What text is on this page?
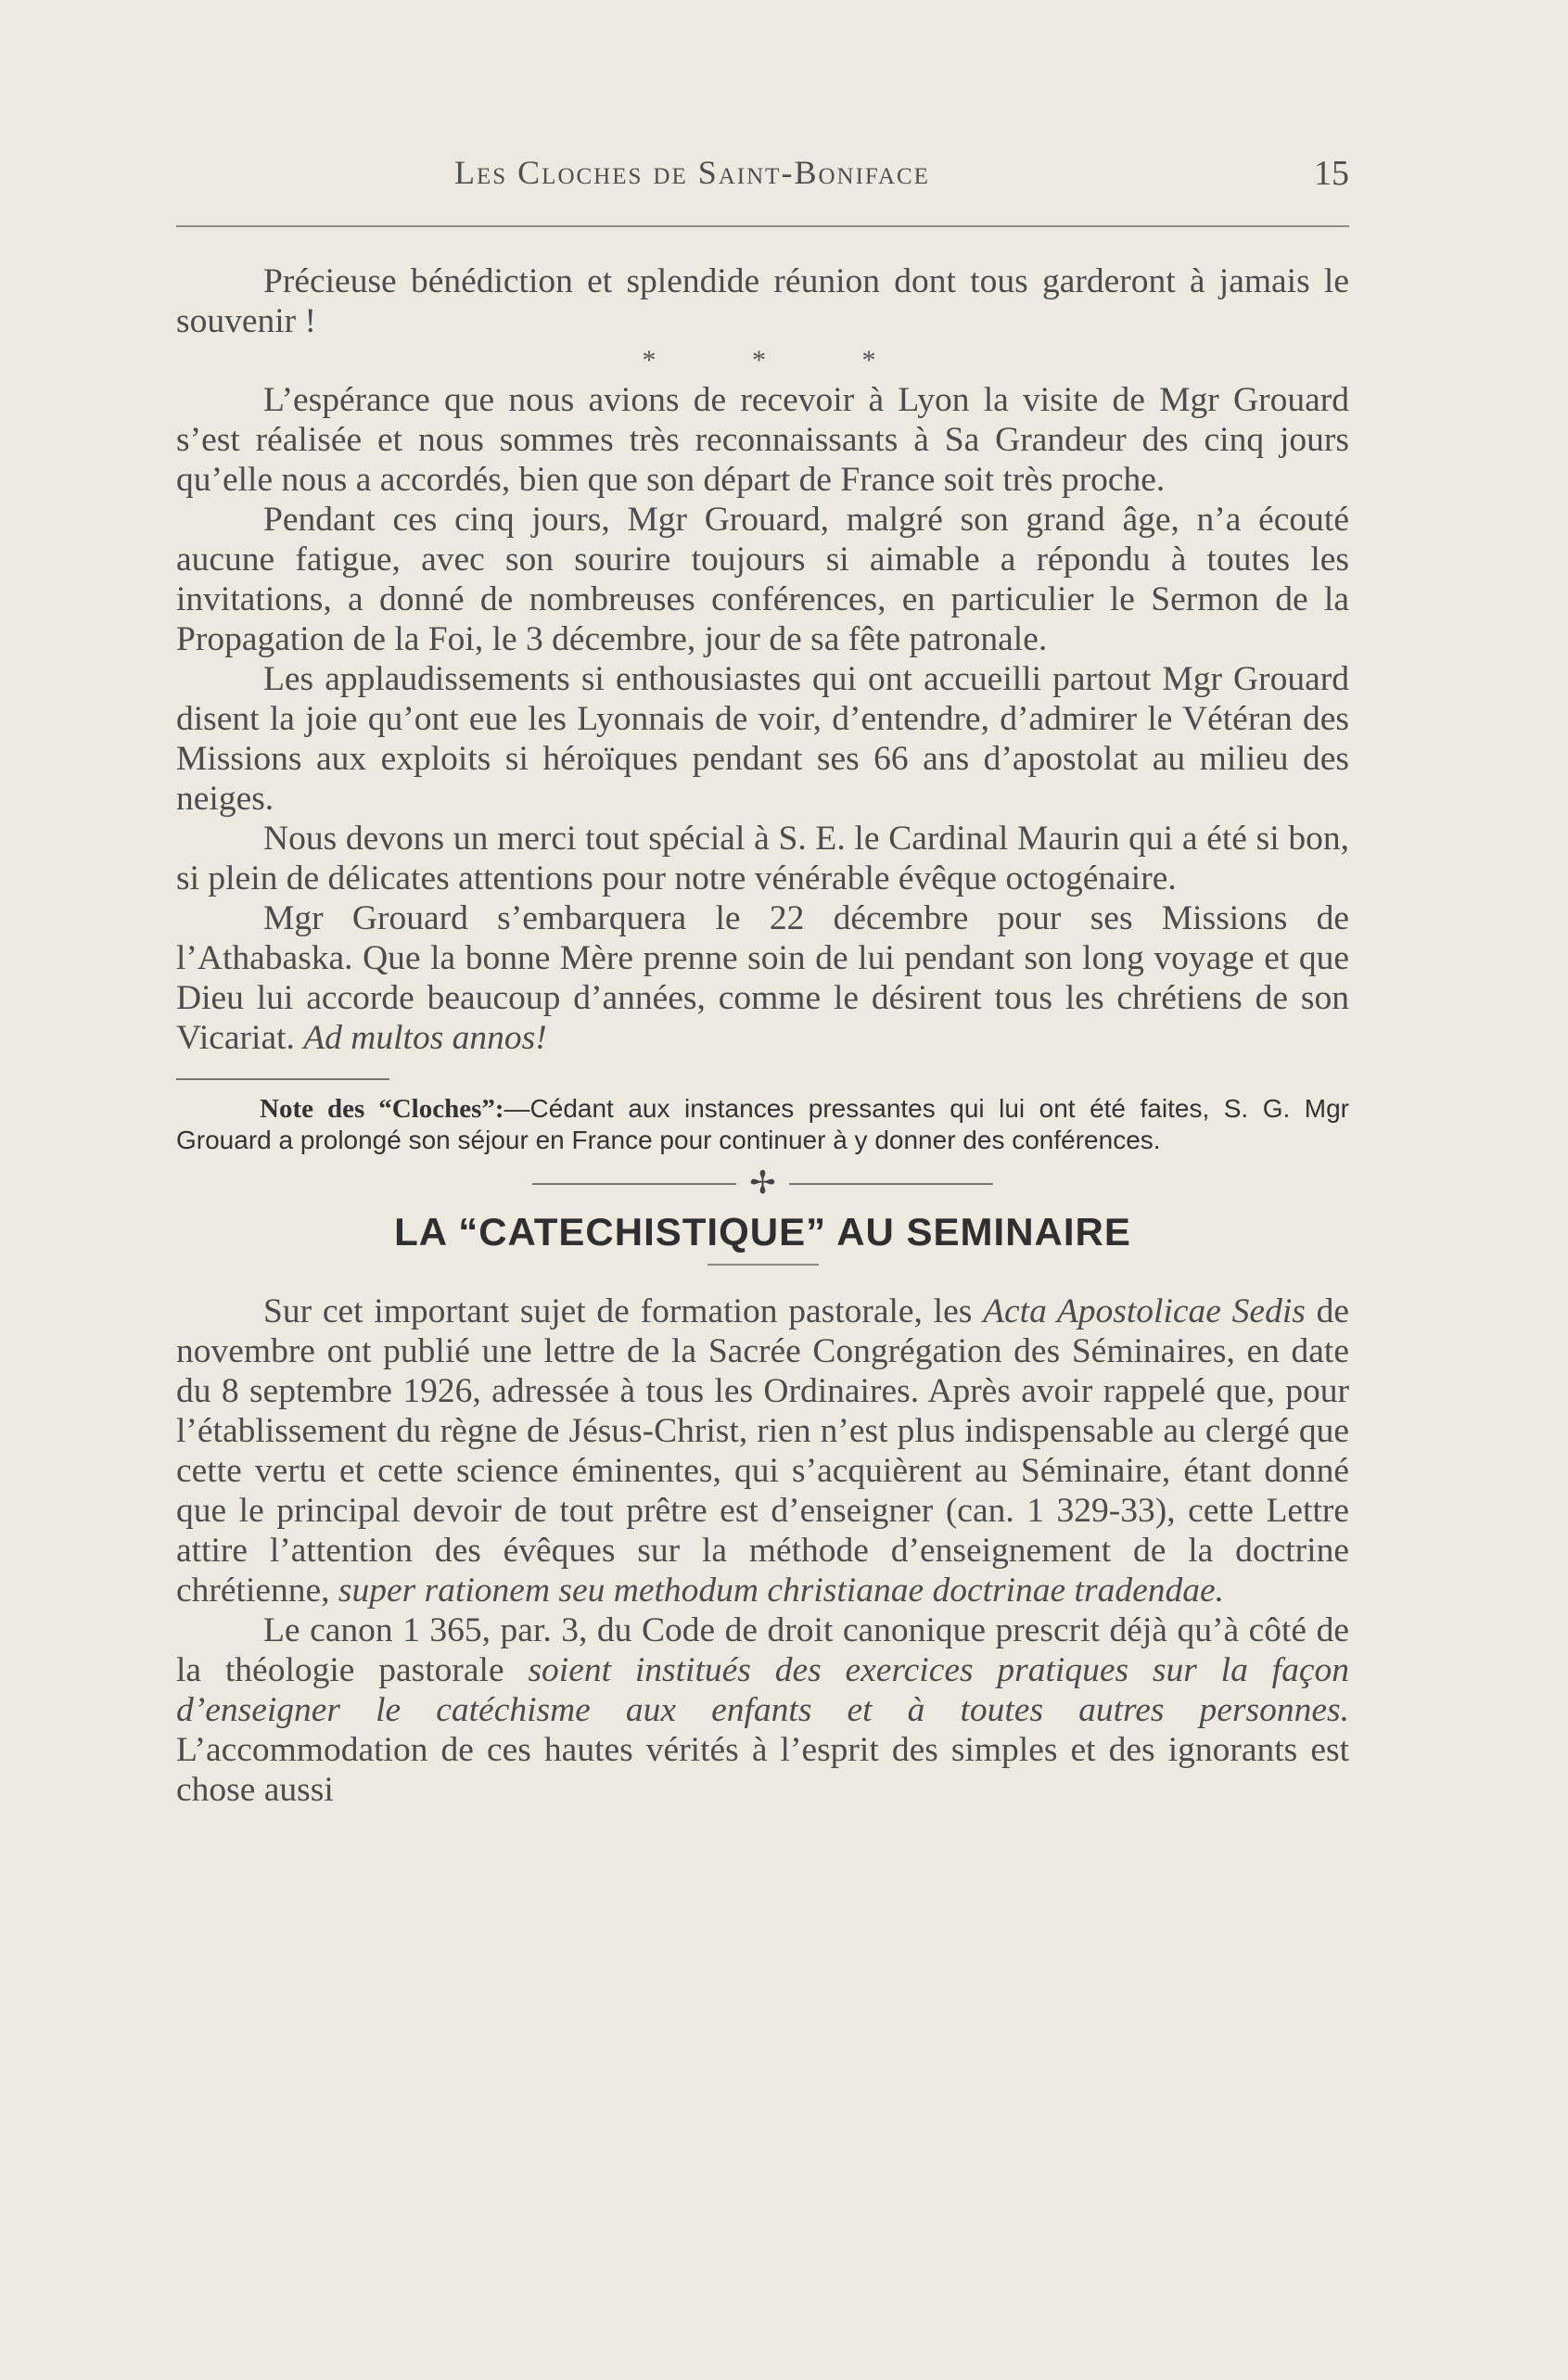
Les Cloches de Saint-Boniface	15

Précieuse bénédiction et splendide réunion dont tous garderont à jamais le souvenir !

* * *

L’espérance que nous avions de recevoir à Lyon la visite de Mgr Grouard s’est réalisée et nous sommes très reconnaissants à Sa Grandeur des cinq jours qu’elle nous a accordés, bien que son départ de France soit très proche.

Pendant ces cinq jours, Mgr Grouard, malgré son grand âge, n’a écouté aucune fatigue, avec son sourire toujours si aimable a répondu à toutes les invitations, a donné de nombreuses conférences, en particulier le Sermon de la Propagation de la Foi, le 3 décembre, jour de sa fête patronale.

Les applaudissements si enthousiastes qui ont accueilli partout Mgr Grouard disent la joie qu’ont eue les Lyonnais de voir, d’entendre, d’admirer le Vétéran des Missions aux exploits si héroïques pendant ses 66 ans d’apostolat au milieu des neiges.

Nous devons un merci tout spécial à S. E. le Cardinal Maurin qui a été si bon, si plein de délicates attentions pour notre vénérable évêque octogénaire.

Mgr Grouard s’embarquera le 22 décembre pour ses Missions de l’Athabaska. Que la bonne Mère prenne soin de lui pendant son long voyage et que Dieu lui accorde beaucoup d’années, comme le désirent tous les chrétiens de son Vicariat. Ad multos annos!

Note des “Cloches”:—Cédant aux instances pressantes qui lui ont été faites, S. G. Mgr Grouard a prolongé son séjour en France pour continuer à y donner des conférences.

✢
LA “CATECHISTIQUE” AU SEMINAIRE

Sur cet important sujet de formation pastorale, les Acta Apostolicae Sedis de novembre ont publié une lettre de la Sacrée Congrégation des Séminaires, en date du 8 septembre 1926, adressée à tous les Ordinaires. Après avoir rappelé que, pour l’établissement du règne de Jésus-Christ, rien n’est plus indispensable au clergé que cette vertu et cette science éminentes, qui s’acquièrent au Séminaire, étant donné que le principal devoir de tout prêtre est d’enseigner (can. 1 329-33), cette Lettre attire l’attention des évêques sur la méthode d’enseignement de la doctrine chrétienne, super rationem seu methodum christianae doctrinae tradendae.

Le canon 1 365, par. 3, du Code de droit canonique prescrit déjà qu’à côté de la théologie pastorale soient institués des exercices pratiques sur la façon d’enseigner le catéchisme aux enfants et à toutes autres personnes. L’accommodation de ces hautes vérités à l’esprit des simples et des ignorants est chose aussi
